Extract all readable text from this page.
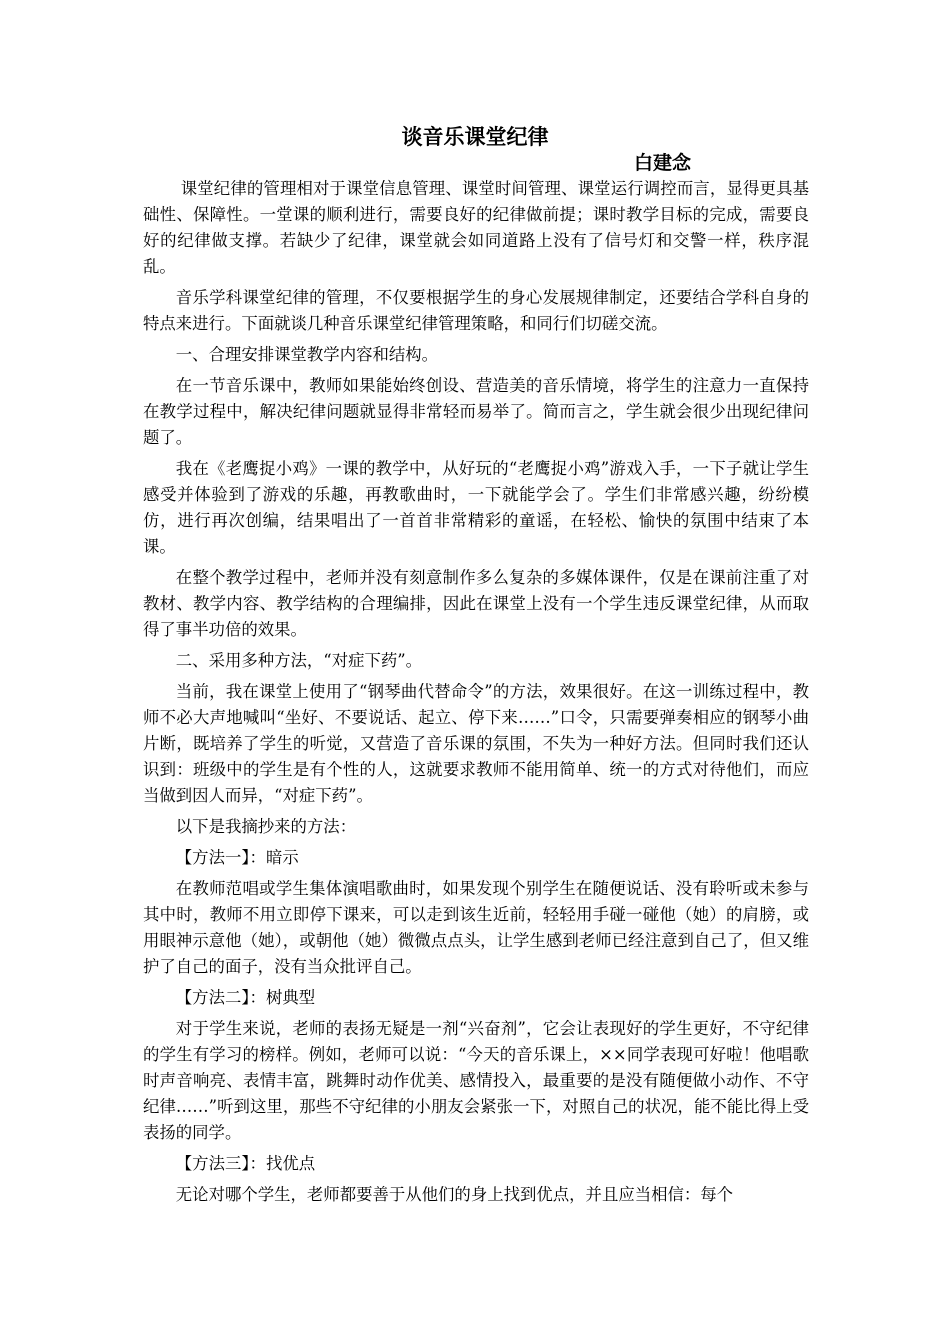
谈音乐课堂纪律
白建念

课堂纪律的管理相对于课堂信息管理、课堂时间管理、课堂运行调控而言，显得更具基础性、保障性。一堂课的顺利进行，需要良好的纪律做前提；课时教学目标的完成，需要良好的纪律做支撑。若缺少了纪律，课堂就会如同道路上没有了信号灯和交警一样，秩序混乱。

音乐学科课堂纪律的管理，不仅要根据学生的身心发展规律制定，还要结合学科自身的特点来进行。下面就谈几种音乐课堂纪律管理策略，和同行们切磋交流。

一、合理安排课堂教学内容和结构。

在一节音乐课中，教师如果能始终创设、营造美的音乐情境，将学生的注意力一直保持在教学过程中，解决纪律问题就显得非常轻而易举了。简而言之，学生就会很少出现纪律问题了。

我在《老鹰捉小鸡》一课的教学中，从好玩的“老鹰捉小鸡”游戏入手，一下子就让学生感受并体验到了游戏的乐趣，再教歌曲时，一下就能学会了。学生们非常感兴趣，纷纷模仿，进行再次创编，结果唱出了一首首非常精彩的童谣，在轻松、愉快的氛围中结束了本课。

在整个教学过程中，老师并没有刻意制作多么复杂的多媒体课件，仅是在课前注重了对教材、教学内容、教学结构的合理编排，因此在课堂上没有一个学生违反课堂纪律，从而取得了事半功倍的效果。

二、采用多种方法，“对症下药”。

当前，我在课堂上使用了“钢琴曲代替命令”的方法，效果很好。在这一训练过程中，教师不必大声地喊叫“坐好、不要说话、起立、停下来……”口令，只需要弹奏相应的钢琴小曲片断，既培养了学生的听觉，又营造了音乐课的氛围，不失为一种好方法。但同时我们还认识到：班级中的学生是有个性的人，这就要求教师不能用简单、统一的方式对待他们，而应当做到因人而异，“对症下药”。

以下是我摘抄来的方法：

【方法一】：暗示

在教师范唱或学生集体演唱歌曲时，如果发现个别学生在随便说话、没有聆听或未参与其中时，教师不用立即停下课来，可以走到该生近前，轻轻用手碰一碰他（她）的肩膀，或用眼神示意他（她），或朝他（她）微微点点头，让学生感到老师已经注意到自己了，但又维护了自己的面子，没有当众批评自己。

【方法二】：树典型

对于学生来说，老师的表扬无疑是一剂“兴奋剂”，它会让表现好的学生更好，不守纪律的学生有学习的榜样。例如，老师可以说：“今天的音乐课上，××同学表现可好啦！他唱歌时声音响亮、表情丰富，跳舞时动作优美、感情投入，最重要的是没有随便做小动作、不守纪律……”听到这里，那些不守纪律的小朋友会紧张一下，对照自己的状况，能不能比得上受表扬的同学。

【方法三】：找优点

无论对哪个学生，老师都要善于从他们的身上找到优点，并且应当相信：每个
